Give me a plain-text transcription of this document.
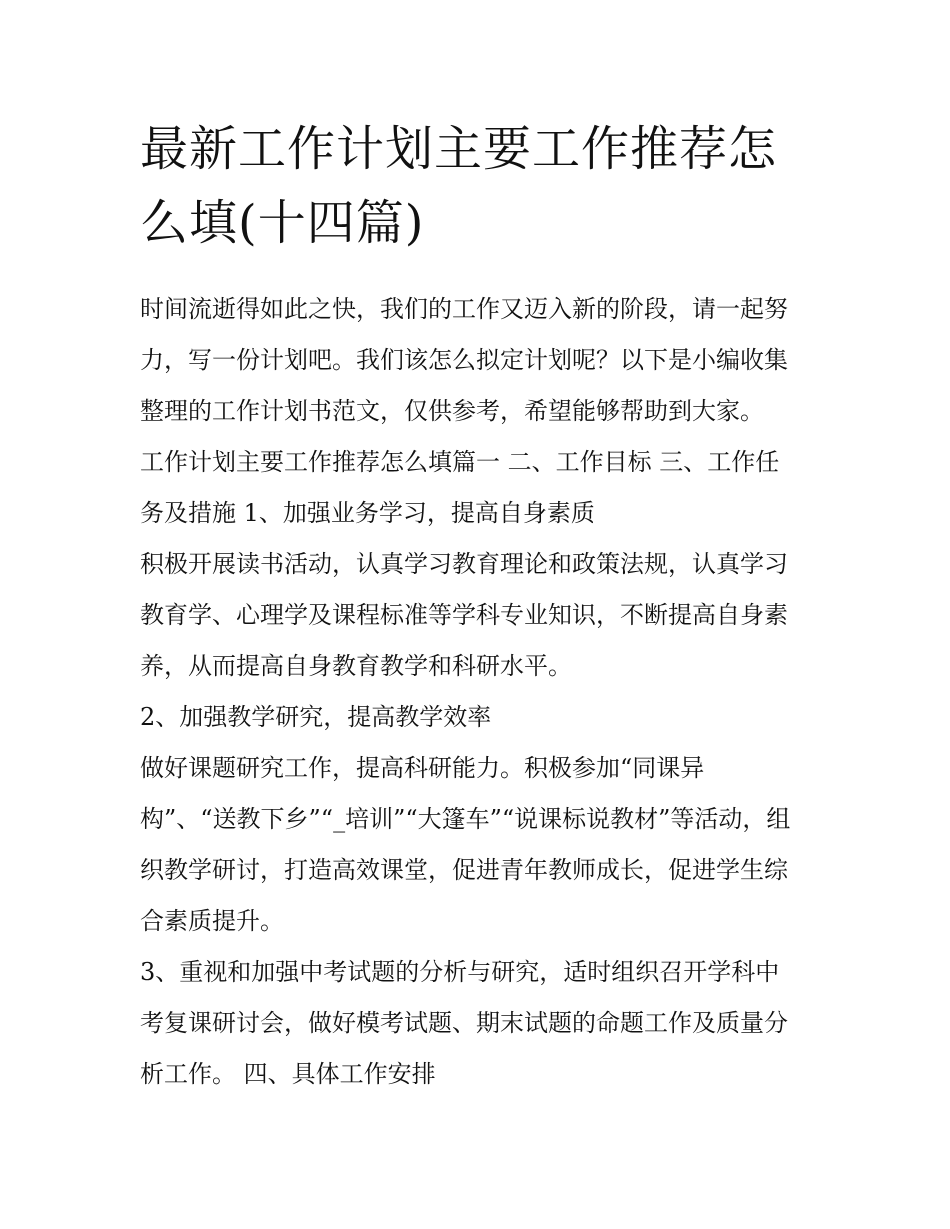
最新工作计划主要工作推荐怎
么填(十四篇)

时间流逝得如此之快，我们的工作又迈入新的阶段，请一起努

力，写一份计划吧。我们该怎么拟定计划呢？以下是小编收集

整理的工作计划书范文，仅供参考，希望能够帮助到大家。

工作计划主要工作推荐怎么填篇一 二、工作目标 三、工作任

务及措施 1、加强业务学习，提高自身素质

积极开展读书活动，认真学习教育理论和政策法规，认真学习

教育学、心理学及课程标准等学科专业知识，不断提高自身素

养，从而提高自身教育教学和科研水平。

2、加强教学研究，提高教学效率

做好课题研究工作，提高科研能力。积极参加“同课异

构”、“送教下乡”“_培训”“大篷车”“说课标说教材”等活动，组

织教学研讨，打造高效课堂，促进青年教师成长，促进学生综

合素质提升。

3、重视和加强中考试题的分析与研究，适时组织召开学科中

考复课研讨会，做好模考试题、期末试题的命题工作及质量分

析工作。 四、具体工作安排
